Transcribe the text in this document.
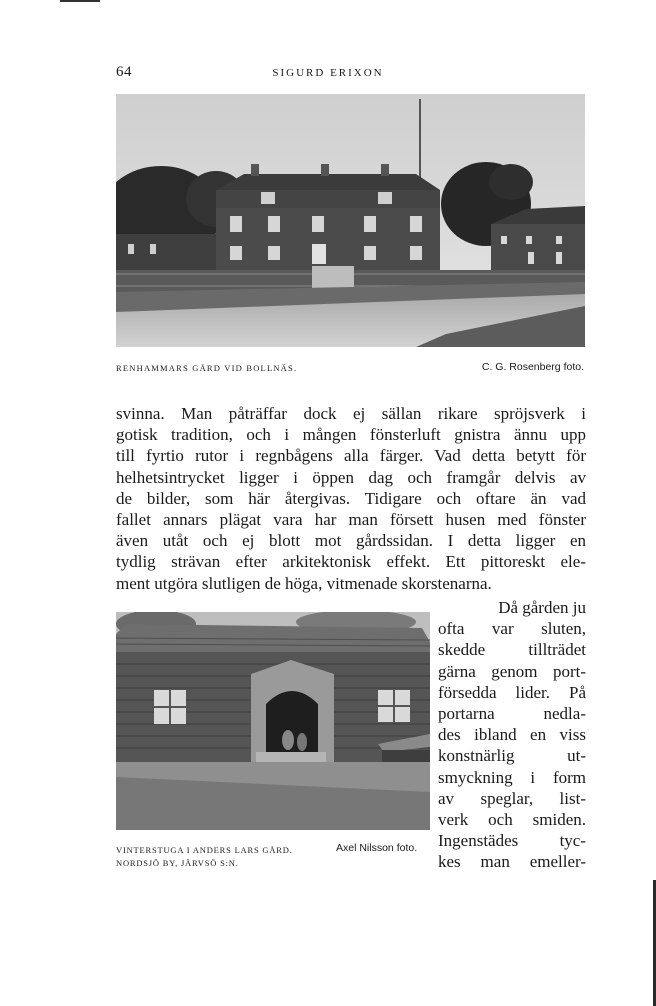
64	SIGURD ERIXON
RENHAMMARS GÅRD VID BOLLNÄS.	C. G. Rosenberg foto.
svinna. Man påträffar dock ej sällan rikare spröjsverk i
gotisk tradition, och i mången fönsterluft gnistra ännu upp
till fyrtio rutor i regnbågens alla färger. Vad detta betytt för
helhetsintrycket ligger i öppen dag och framgår delvis av
de bilder, som här återgivas. Tidigare och oftare än vad
fallet annars plägat vara har man försett husen med fönster
även utåt och ej blott mot gårdssidan. I detta ligger en
tydlig strävan efter arkitektonisk effekt. Ett pittoreskt ele-
ment utgöra slutligen de höga, vitmenade skorstenarna.
Då gården ju
ofta var sluten,
skedde tillträdet
gärna genom port-
försedda lider. På
portarna nedla-
des ibland en viss
konstnärlig ut-
smyckning i form
av speglar, list-
verk och smiden.
Ingenstädes tyc-
kes man emeller-
VINTERSTUGA I ANDERS LARS GÅRD.
NORDSJÖ BY, JÄRVSÖ S:N.
Axel Nilsson foto.
